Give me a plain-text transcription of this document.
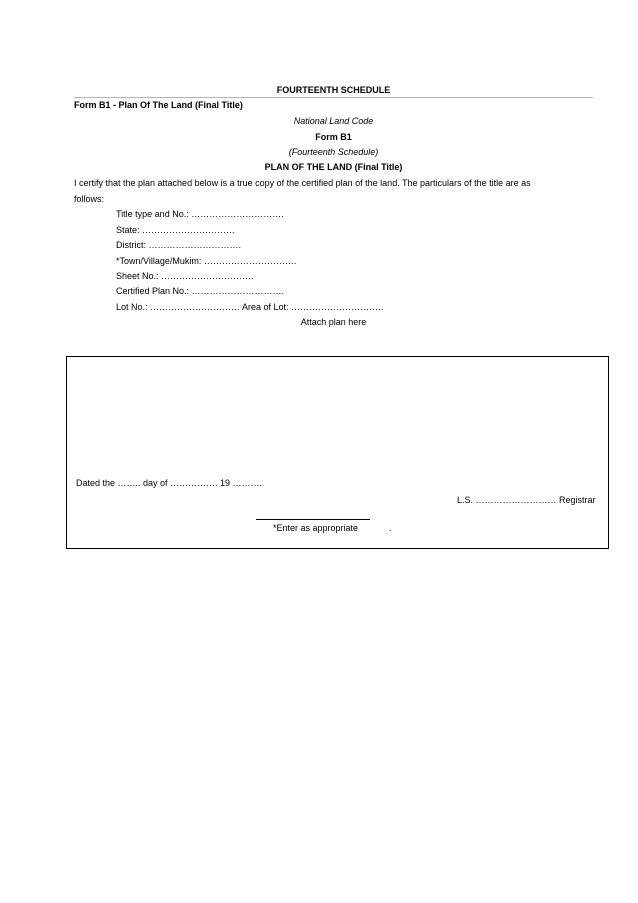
FOURTEENTH SCHEDULE
Form B1 - Plan Of The Land (Final Title)
National Land Code
Form B1
(Fourteenth Schedule)
PLAN OF THE LAND (Final Title)
I certify that the plan attached below is a true copy of the certified plan of the land. The particulars of the title are as
follows:
Title type and No.: ………………………….
State: ………………………….
District: ………………………….
*Town/Village/Mukim: ………………………….
Sheet No.: ………………………….
Certified Plan No.: ………………………….
Lot No.: ………………………… Area of Lot: ………………………….
Attach plan here
Dated the …….. day of ……………. 19 ……….
L.S. ……………………… Registrar
*Enter as appropriate	.
